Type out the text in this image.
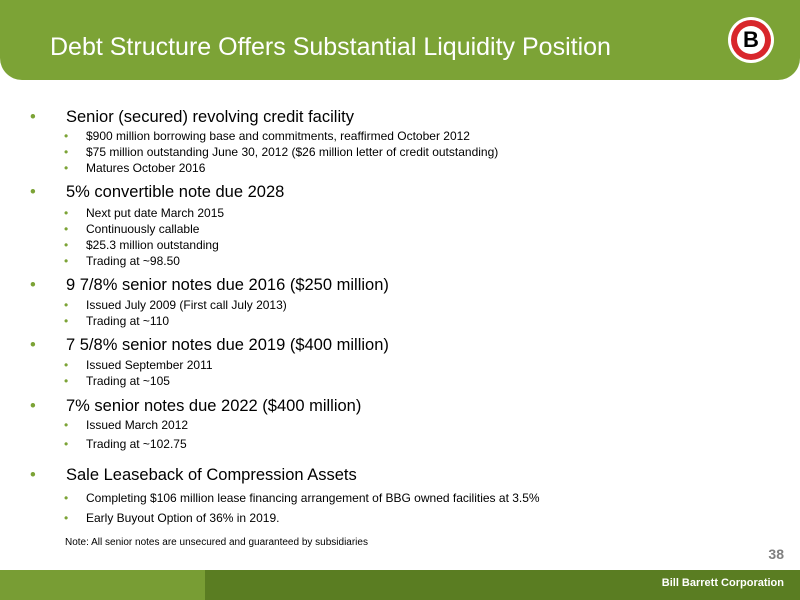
Debt Structure Offers Substantial Liquidity Position	B
• Senior (secured) revolving credit facility
• $900 million borrowing base and commitments, reaffirmed October 2012
• $75 million outstanding June 30, 2012 ($26 million letter of credit outstanding)
• Matures October 2016
• 5% convertible note due 2028
• Next put date March 2015
• Continuously callable
• $25.3 million outstanding
• Trading at ~98.50
• 9 7/8% senior notes due 2016 ($250 million)
• Issued July 2009 (First call July 2013)
• Trading at ~110
• 7 5/8% senior notes due 2019 ($400 million)
• Issued September 2011
• Trading at ~105
• 7% senior notes due 2022 ($400 million)
• Issued March 2012
• Trading at ~102.75
• Sale Leaseback of Compression Assets
• Completing $106 million lease financing arrangement of BBG owned facilities at 3.5%
• Early Buyout Option of 36% in 2019.
Note: All senior notes are unsecured and guaranteed by subsidiaries
38
Bill Barrett Corporation
